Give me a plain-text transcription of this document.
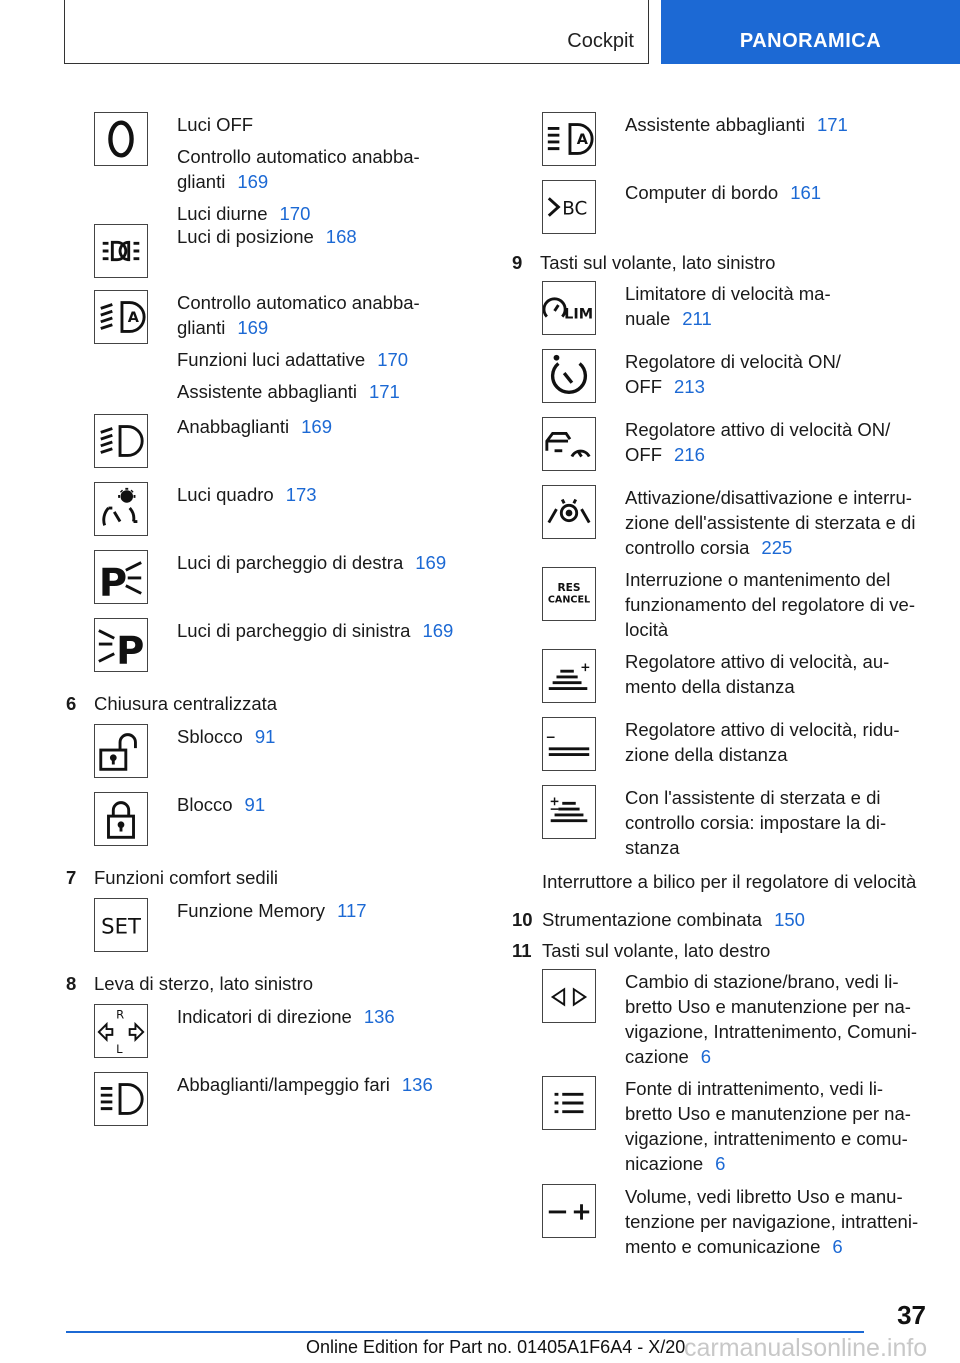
Cockpit	PANORAMICA
Luci OFF
Controllo automatico anabba-
glianti 169
Luci diurne 170
Luci di posizione 168
A
Controllo automatico anabba-
glianti 169
Funzioni luci adattative 170
Assistente abbaglianti 171
Anabbaglianti 169
Luci quadro 173
P	Luci di parcheggio di destra 169
P Luci di parcheggio di sinistra 169
6 Chiusura centralizzata
Sblocco 91
Blocco 91
7 Funzioni comfort sedili
SET
Funzione Memory 117
8 Leva di sterzo, lato sinistro
R
L
Indicatori di direzione 136
Abbaglianti/lampeggio fari 136
A
Assistente abbaglianti 171
BC
Computer di bordo 161
9 Tasti sul volante, lato sinistro
LIM
Limitatore di velocità ma-
nuale 211
Regolatore di velocità ON/
OFF 213
Regolatore attivo di velocità ON/
OFF 216
Attivazione/disattivazione e interru-
zione dell'assistente di sterzata e di
controllo corsia 225
RES
CANCEL
Interruzione o mantenimento del
funzionamento del regolatore di ve-
locità
Regolatore attivo di velocità, au-
mento della distanza
Regolatore attivo di velocità, ridu-
zione della distanza
Con l'assistente di sterzata e di
controllo corsia: impostare la di-
stanza
Interruttore a bilico per il regolatore di velocità
10 Strumentazione combinata 150
11 Tasti sul volante, lato destro
Cambio di stazione/brano, vedi li-
bretto Uso e manutenzione per na-
vigazione, Intrattenimento, Comuni-
cazione 6
Fonte di intrattenimento, vedi li-
bretto Uso e manutenzione per na-
vigazione, intrattenimento e comu-
nicazione 6
Volume, vedi libretto Uso e manu-
tenzione per navigazione, intratteni-
mento e comunicazione 6
37
Online Edition for Part no. 01405A1F6A4 - X/20
carmanualsonline.info
